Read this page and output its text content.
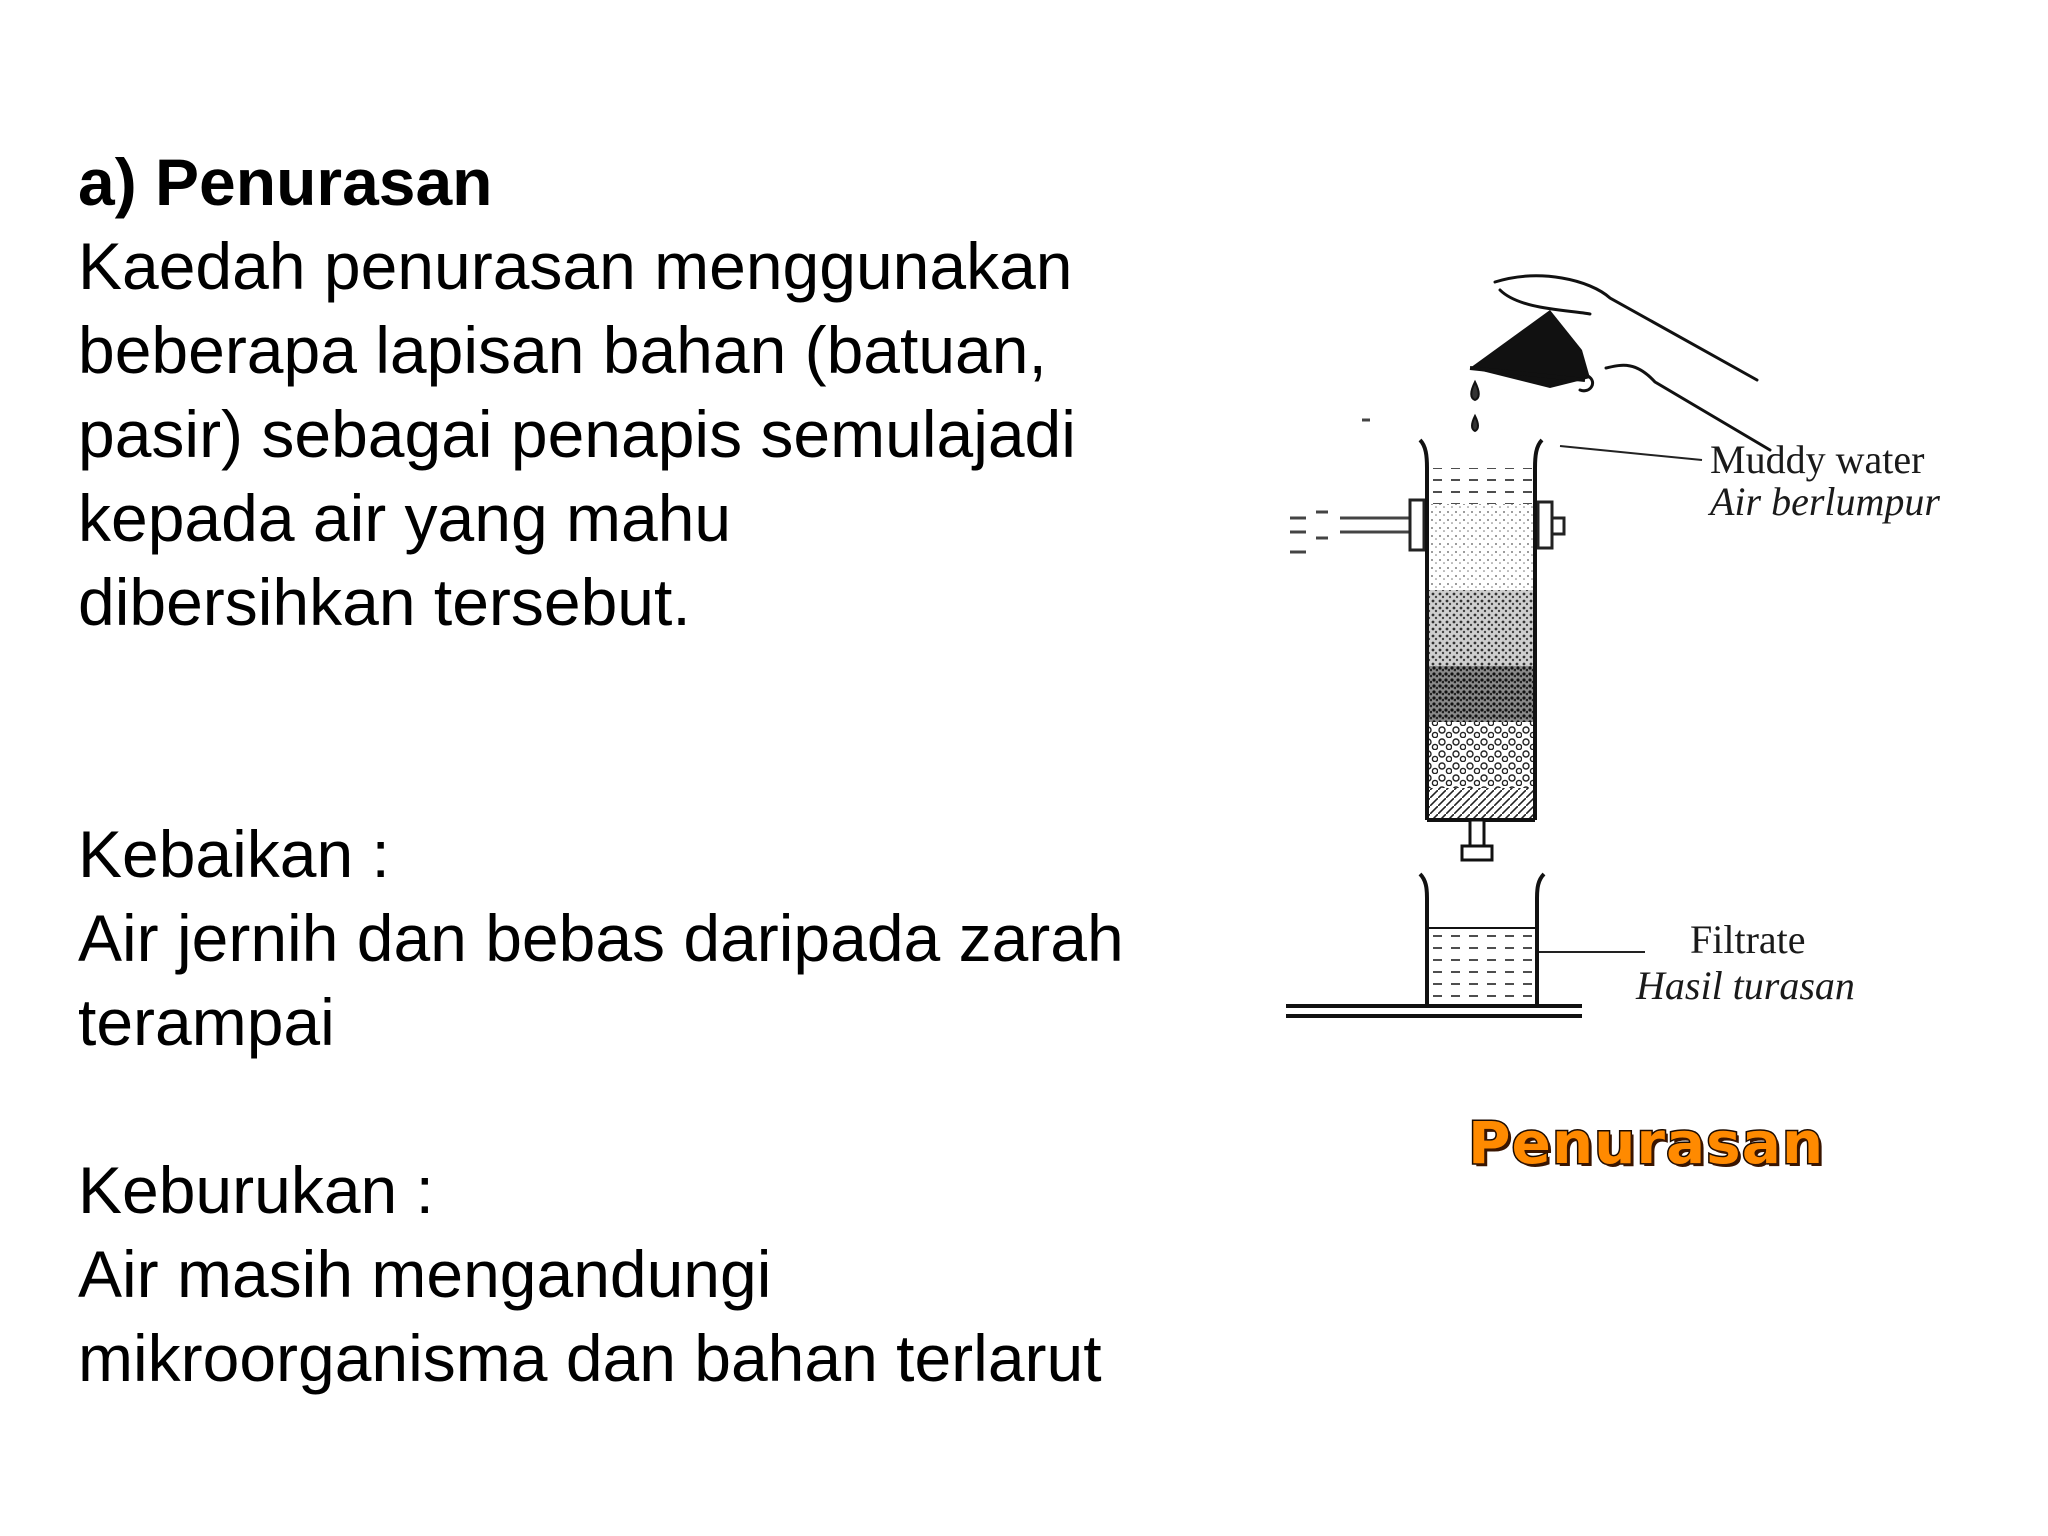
a) Penurasan

Kaedah penurasan menggunakan
beberapa lapisan bahan (batuan,
pasir) sebagai penapis semulajadi
kepada air yang mahu
dibersihkan tersebut.

Kebaikan :
Air jernih dan bebas daripada zarah
terampai

Keburukan :
Air masih mengandungi
mikroorganisma dan bahan terlarut

Muddy water
Air berlumpur
Filtrate
Hasil turasan
Penurasan
